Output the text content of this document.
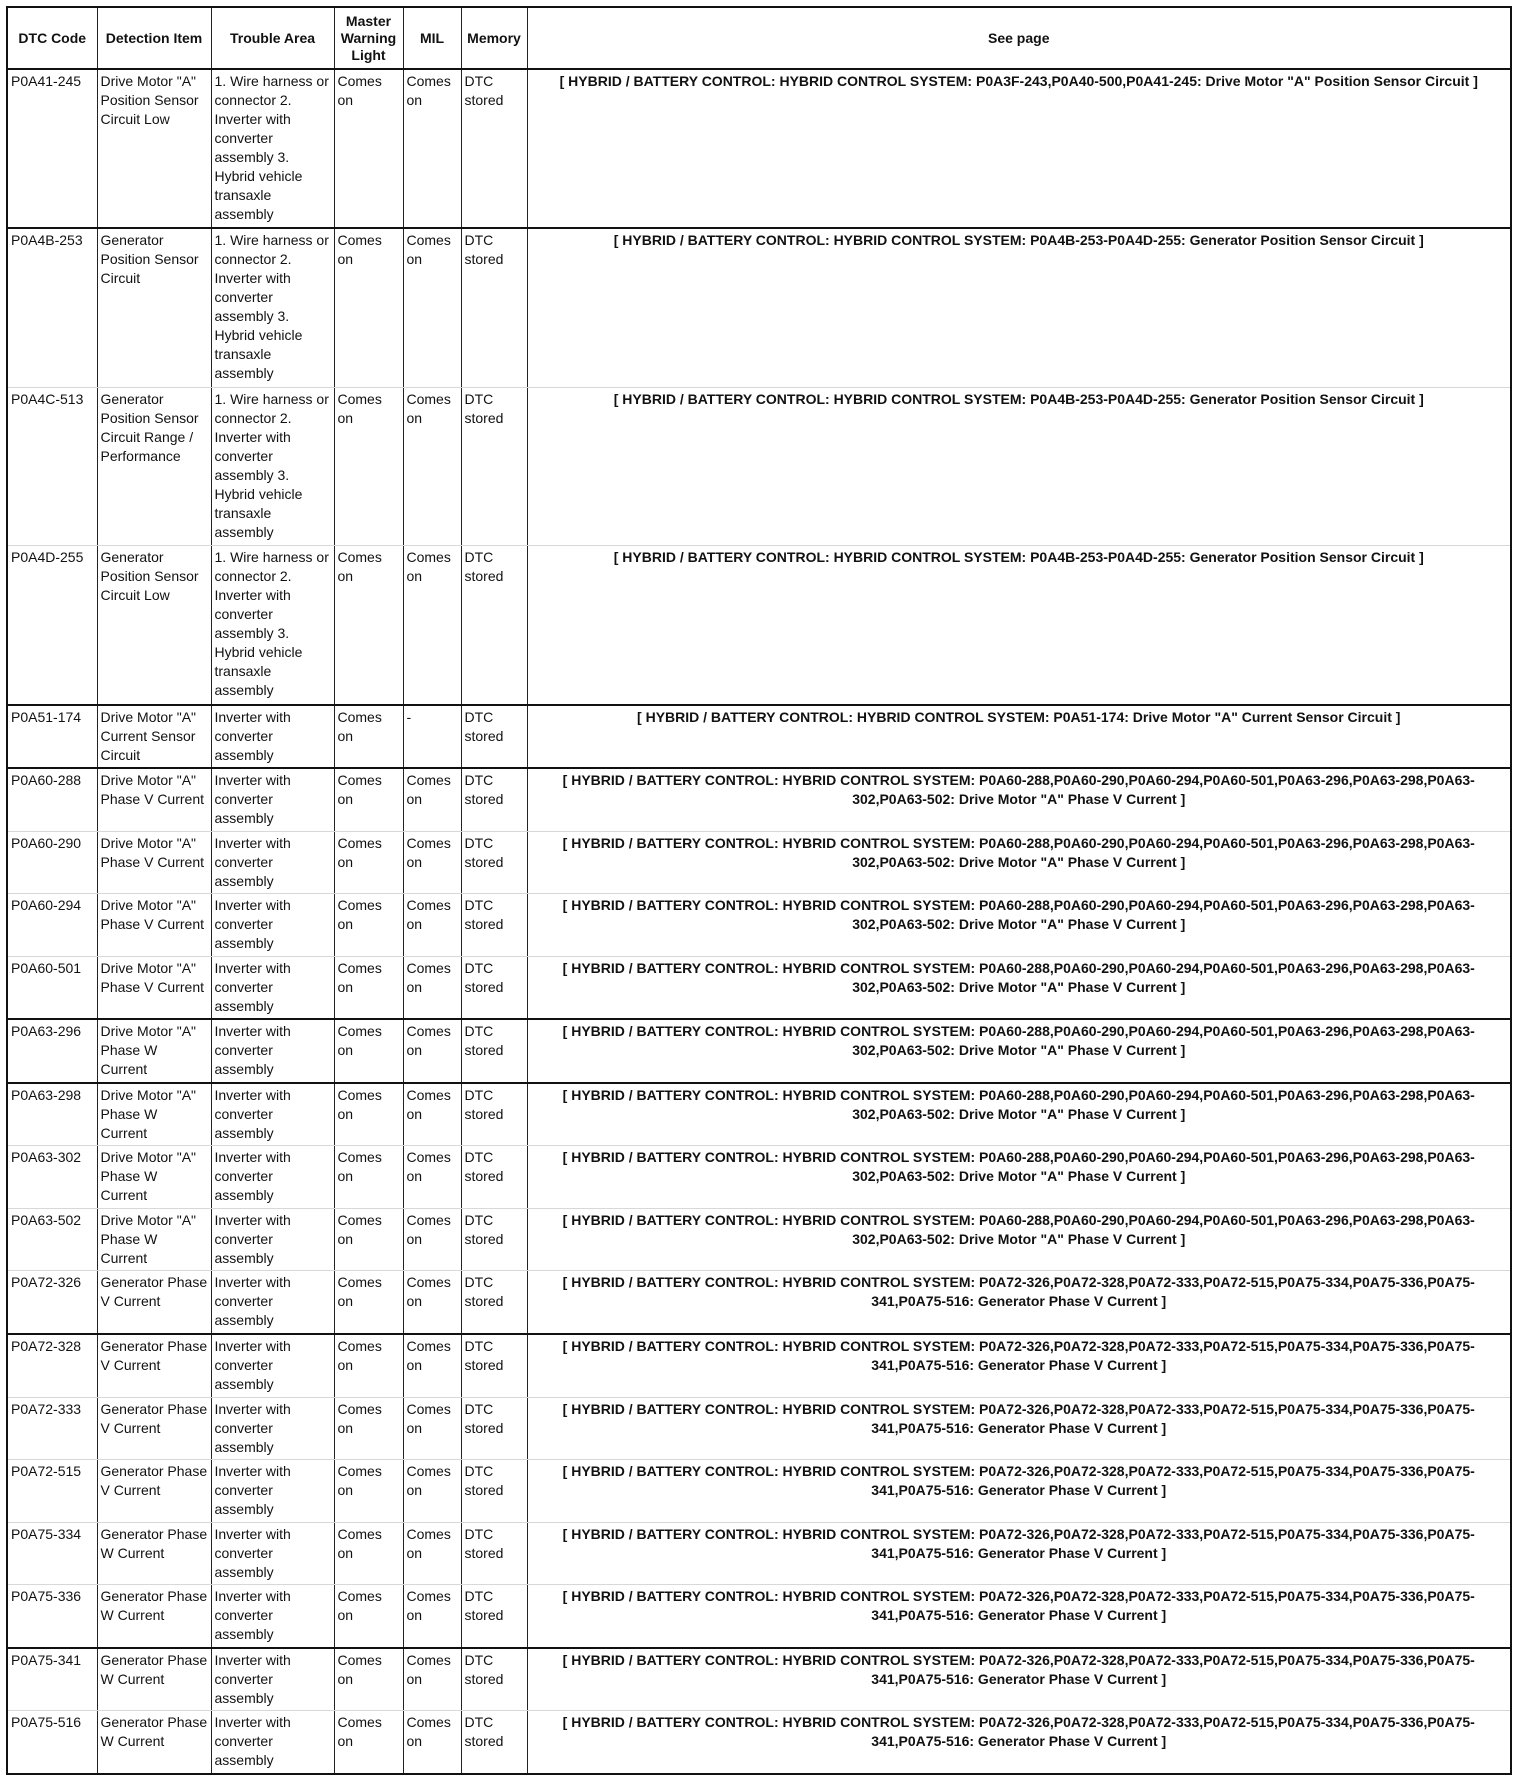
DTC Code	Detection Item	Trouble Area	Master Warning Light	MIL	Memory	See page
P0A41-245	Drive Motor "A" Position Sensor Circuit Low	1. Wire harness or connector 2. Inverter with converter assembly 3. Hybrid vehicle transaxle assembly	Comes on	Comes on	DTC stored	[ HYBRID / BATTERY CONTROL: HYBRID CONTROL SYSTEM: P0A3F-243,P0A40-500,P0A41-245: Drive Motor "A" Position Sensor Circuit ]
P0A4B-253	Generator Position Sensor Circuit	1. Wire harness or connector 2. Inverter with converter assembly 3. Hybrid vehicle transaxle assembly	Comes on	Comes on	DTC stored	[ HYBRID / BATTERY CONTROL: HYBRID CONTROL SYSTEM: P0A4B-253-P0A4D-255: Generator Position Sensor Circuit ]
P0A4C-513	Generator Position Sensor Circuit Range / Performance	1. Wire harness or connector 2. Inverter with converter assembly 3. Hybrid vehicle transaxle assembly	Comes on	Comes on	DTC stored	[ HYBRID / BATTERY CONTROL: HYBRID CONTROL SYSTEM: P0A4B-253-P0A4D-255: Generator Position Sensor Circuit ]
P0A4D-255	Generator Position Sensor Circuit Low	1. Wire harness or connector 2. Inverter with converter assembly 3. Hybrid vehicle transaxle assembly	Comes on	Comes on	DTC stored	[ HYBRID / BATTERY CONTROL: HYBRID CONTROL SYSTEM: P0A4B-253-P0A4D-255: Generator Position Sensor Circuit ]
P0A51-174	Drive Motor "A" Current Sensor Circuit	Inverter with converter assembly	Comes on	-	DTC stored	[ HYBRID / BATTERY CONTROL: HYBRID CONTROL SYSTEM: P0A51-174: Drive Motor "A" Current Sensor Circuit ]
P0A60-288	Drive Motor "A" Phase V Current	Inverter with converter assembly	Comes on	Comes on	DTC stored	[ HYBRID / BATTERY CONTROL: HYBRID CONTROL SYSTEM: P0A60-288,P0A60-290,P0A60-294,P0A60-501,P0A63-296,P0A63-298,P0A63-302,P0A63-502: Drive Motor "A" Phase V Current ]
P0A60-290	Drive Motor "A" Phase V Current	Inverter with converter assembly	Comes on	Comes on	DTC stored	[ HYBRID / BATTERY CONTROL: HYBRID CONTROL SYSTEM: P0A60-288,P0A60-290,P0A60-294,P0A60-501,P0A63-296,P0A63-298,P0A63-302,P0A63-502: Drive Motor "A" Phase V Current ]
P0A60-294	Drive Motor "A" Phase V Current	Inverter with converter assembly	Comes on	Comes on	DTC stored	[ HYBRID / BATTERY CONTROL: HYBRID CONTROL SYSTEM: P0A60-288,P0A60-290,P0A60-294,P0A60-501,P0A63-296,P0A63-298,P0A63-302,P0A63-502: Drive Motor "A" Phase V Current ]
P0A60-501	Drive Motor "A" Phase V Current	Inverter with converter assembly	Comes on	Comes on	DTC stored	[ HYBRID / BATTERY CONTROL: HYBRID CONTROL SYSTEM: P0A60-288,P0A60-290,P0A60-294,P0A60-501,P0A63-296,P0A63-298,P0A63-302,P0A63-502: Drive Motor "A" Phase V Current ]
P0A63-296	Drive Motor "A" Phase W Current	Inverter with converter assembly	Comes on	Comes on	DTC stored	[ HYBRID / BATTERY CONTROL: HYBRID CONTROL SYSTEM: P0A60-288,P0A60-290,P0A60-294,P0A60-501,P0A63-296,P0A63-298,P0A63-302,P0A63-502: Drive Motor "A" Phase V Current ]
P0A63-298	Drive Motor "A" Phase W Current	Inverter with converter assembly	Comes on	Comes on	DTC stored	[ HYBRID / BATTERY CONTROL: HYBRID CONTROL SYSTEM: P0A60-288,P0A60-290,P0A60-294,P0A60-501,P0A63-296,P0A63-298,P0A63-302,P0A63-502: Drive Motor "A" Phase V Current ]
P0A63-302	Drive Motor "A" Phase W Current	Inverter with converter assembly	Comes on	Comes on	DTC stored	[ HYBRID / BATTERY CONTROL: HYBRID CONTROL SYSTEM: P0A60-288,P0A60-290,P0A60-294,P0A60-501,P0A63-296,P0A63-298,P0A63-302,P0A63-502: Drive Motor "A" Phase V Current ]
P0A63-502	Drive Motor "A" Phase W Current	Inverter with converter assembly	Comes on	Comes on	DTC stored	[ HYBRID / BATTERY CONTROL: HYBRID CONTROL SYSTEM: P0A60-288,P0A60-290,P0A60-294,P0A60-501,P0A63-296,P0A63-298,P0A63-302,P0A63-502: Drive Motor "A" Phase V Current ]
P0A72-326	Generator Phase V Current	Inverter with converter assembly	Comes on	Comes on	DTC stored	[ HYBRID / BATTERY CONTROL: HYBRID CONTROL SYSTEM: P0A72-326,P0A72-328,P0A72-333,P0A72-515,P0A75-334,P0A75-336,P0A75-341,P0A75-516: Generator Phase V Current ]
P0A72-328	Generator Phase V Current	Inverter with converter assembly	Comes on	Comes on	DTC stored	[ HYBRID / BATTERY CONTROL: HYBRID CONTROL SYSTEM: P0A72-326,P0A72-328,P0A72-333,P0A72-515,P0A75-334,P0A75-336,P0A75-341,P0A75-516: Generator Phase V Current ]
P0A72-333	Generator Phase V Current	Inverter with converter assembly	Comes on	Comes on	DTC stored	[ HYBRID / BATTERY CONTROL: HYBRID CONTROL SYSTEM: P0A72-326,P0A72-328,P0A72-333,P0A72-515,P0A75-334,P0A75-336,P0A75-341,P0A75-516: Generator Phase V Current ]
P0A72-515	Generator Phase V Current	Inverter with converter assembly	Comes on	Comes on	DTC stored	[ HYBRID / BATTERY CONTROL: HYBRID CONTROL SYSTEM: P0A72-326,P0A72-328,P0A72-333,P0A72-515,P0A75-334,P0A75-336,P0A75-341,P0A75-516: Generator Phase V Current ]
P0A75-334	Generator Phase W Current	Inverter with converter assembly	Comes on	Comes on	DTC stored	[ HYBRID / BATTERY CONTROL: HYBRID CONTROL SYSTEM: P0A72-326,P0A72-328,P0A72-333,P0A72-515,P0A75-334,P0A75-336,P0A75-341,P0A75-516: Generator Phase V Current ]
P0A75-336	Generator Phase W Current	Inverter with converter assembly	Comes on	Comes on	DTC stored	[ HYBRID / BATTERY CONTROL: HYBRID CONTROL SYSTEM: P0A72-326,P0A72-328,P0A72-333,P0A72-515,P0A75-334,P0A75-336,P0A75-341,P0A75-516: Generator Phase V Current ]
P0A75-341	Generator Phase W Current	Inverter with converter assembly	Comes on	Comes on	DTC stored	[ HYBRID / BATTERY CONTROL: HYBRID CONTROL SYSTEM: P0A72-326,P0A72-328,P0A72-333,P0A72-515,P0A75-334,P0A75-336,P0A75-341,P0A75-516: Generator Phase V Current ]
P0A75-516	Generator Phase W Current	Inverter with converter assembly	Comes on	Comes on	DTC stored	[ HYBRID / BATTERY CONTROL: HYBRID CONTROL SYSTEM: P0A72-326,P0A72-328,P0A72-333,P0A72-515,P0A75-334,P0A75-336,P0A75-341,P0A75-516: Generator Phase V Current ]
